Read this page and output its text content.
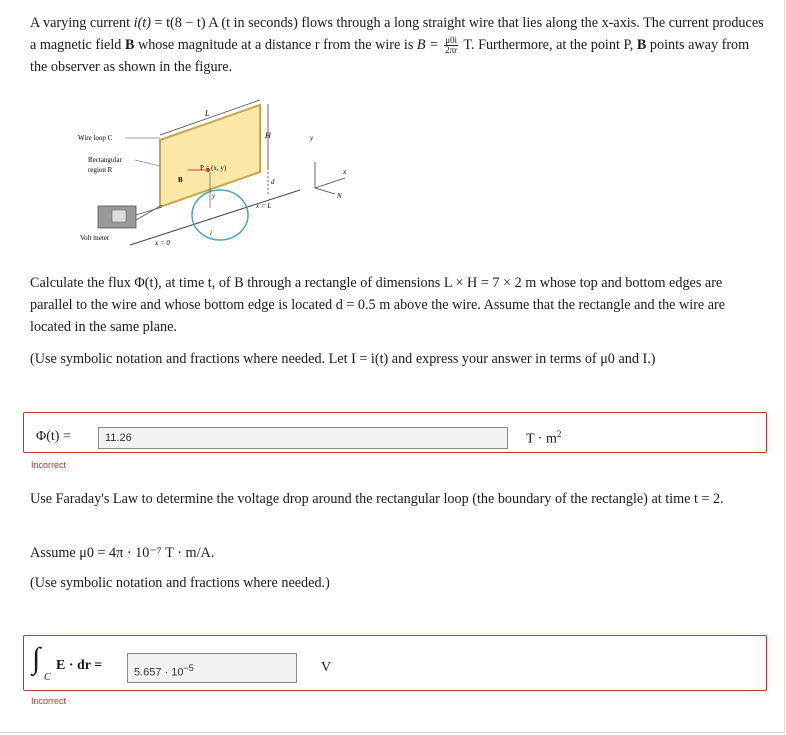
A varying current i(t) = t(8 − t) A (t in seconds) flows through a long straight wire that lies along the x-axis. The current produces a magnetic field B whose magnitude at a distance r from the wire is $B = \frac{\mu 0i}{2\pi r} T$. Furthermore, at the point P, B points away from the observer as shown in the figure.

L
H
d
x = L
B
P = (x, y)
y
i
Wire loop C
Rectangular
region R
Volt meter
x = 0
y
x
N

Calculate the flux Φ(t), at time t, of B through a rectangle of dimensions L × H = 7 × 2 m whose top and bottom edges are parallel to the wire and whose bottom edge is located d = 0.5 m above the wire. Assume that the rectangle and the wire are located in the same plane.

(Use symbolic notation and fractions where needed. Let I = i(t) and express your answer in terms of μ0 and I.)

Φ(t) =	11.26	$T \cdot m^2$
Incorrect

Use Faraday's Law to determine the voltage drop around the rectangular loop (the boundary of the rectangle) at time t = 2.

Assume μ0 = 4π · 10⁻⁷ T · m/A.

(Use symbolic notation and fractions where needed.)

∫
C
E · dr =	$5.657 \cdot 10^{-5}$	V
Incorrect
